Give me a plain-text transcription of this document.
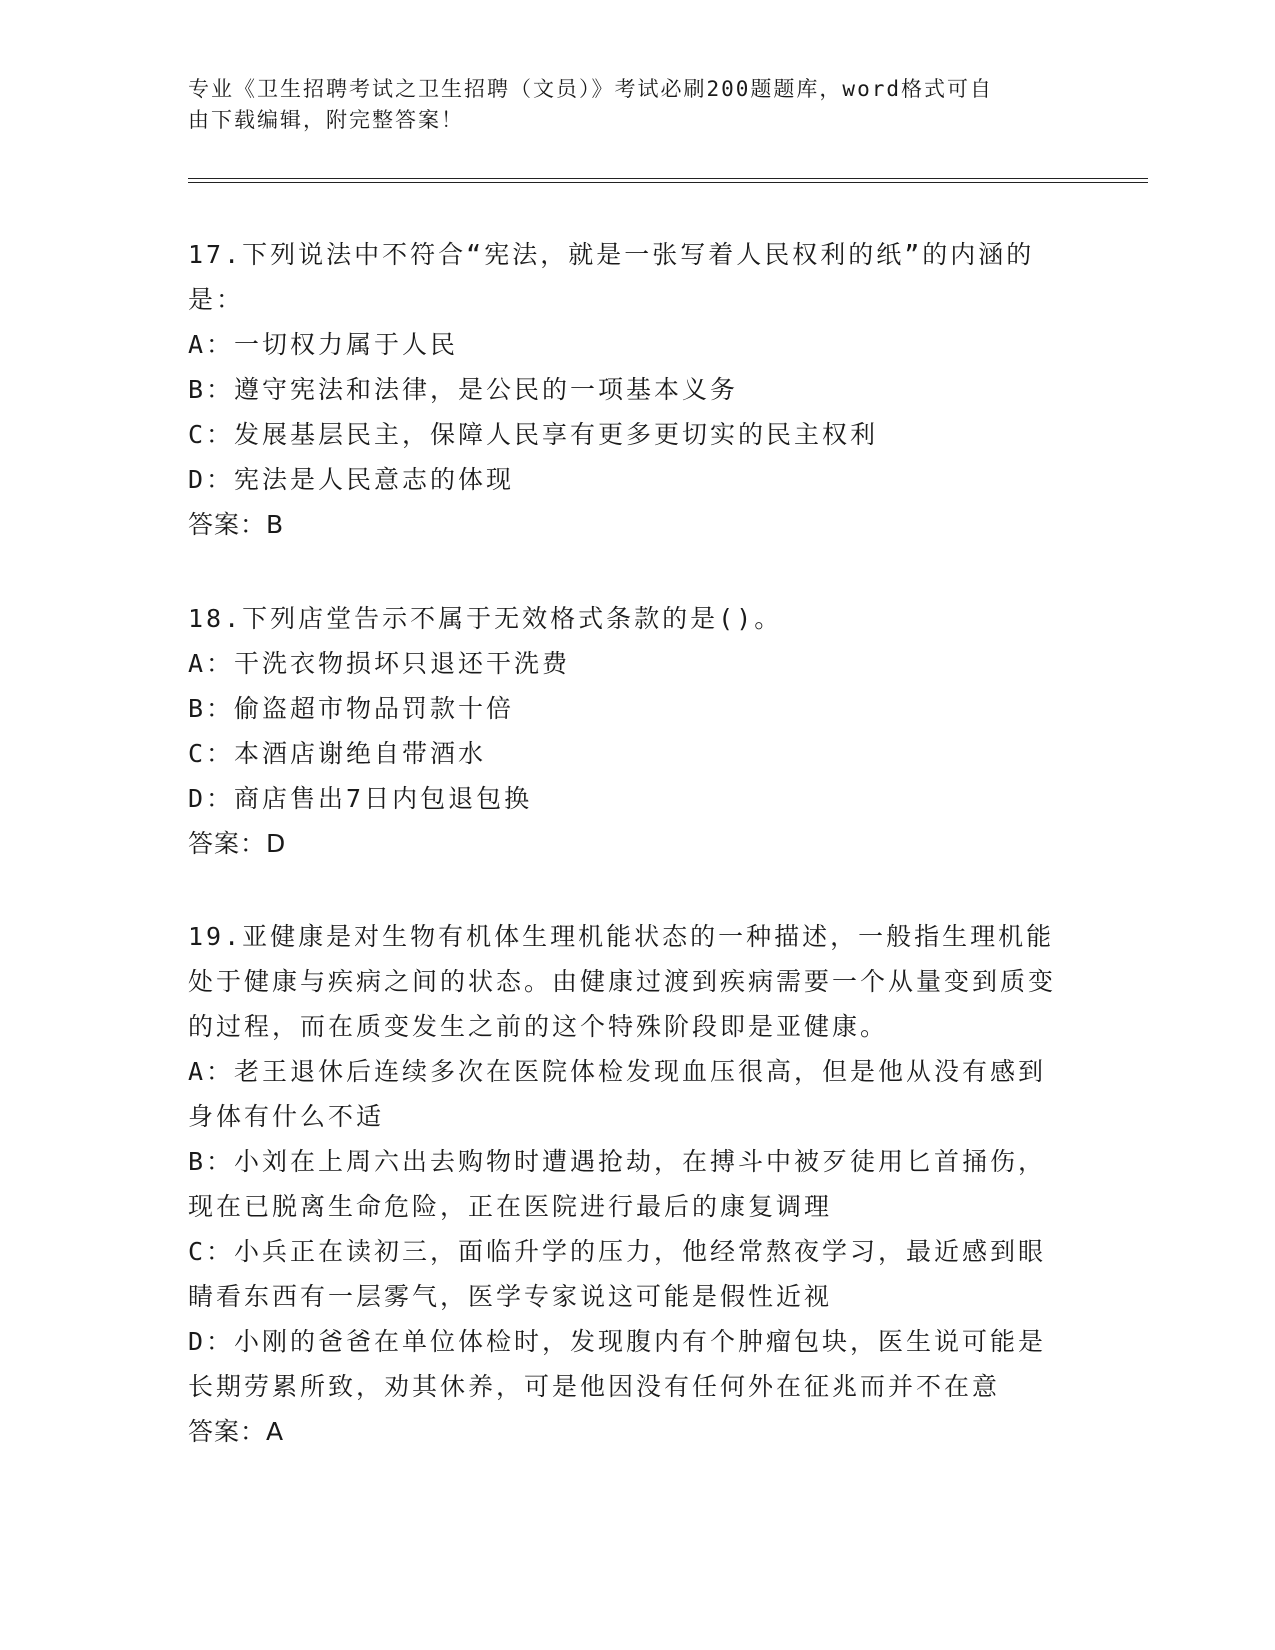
专业《卫生招聘考试之卫生招聘（文员）》考试必刷200题题库，word格式可自
由下载编辑，附完整答案！
17.下列说法中不符合“宪法，就是一张写着人民权利的纸”的内涵的是：
A：一切权力属于人民
B：遵守宪法和法律，是公民的一项基本义务
C：发展基层民主，保障人民享有更多更切实的民主权利
D：宪法是人民意志的体现
答案：B
18.下列店堂告示不属于无效格式条款的是()。
A：干洗衣物损坏只退还干洗费
B：偷盗超市物品罚款十倍
C：本酒店谢绝自带酒水
D：商店售出7日内包退包换
答案：D
19.亚健康是对生物有机体生理机能状态的一种描述，一般指生理机能处于健康与疾病之间的状态。由健康过渡到疾病需要一个从量变到质变的过程，而在质变发生之前的这个特殊阶段即是亚健康。
A：老王退休后连续多次在医院体检发现血压很高，但是他从没有感到身体有什么不适
B：小刘在上周六出去购物时遭遇抢劫，在搏斗中被歹徒用匕首捅伤，现在已脱离生命危险，正在医院进行最后的康复调理
C：小兵正在读初三，面临升学的压力，他经常熬夜学习，最近感到眼睛看东西有一层雾气，医学专家说这可能是假性近视
D：小刚的爸爸在单位体检时，发现腹内有个肿瘤包块，医生说可能是长期劳累所致，劝其休养，可是他因没有任何外在征兆而并不在意
答案：A
